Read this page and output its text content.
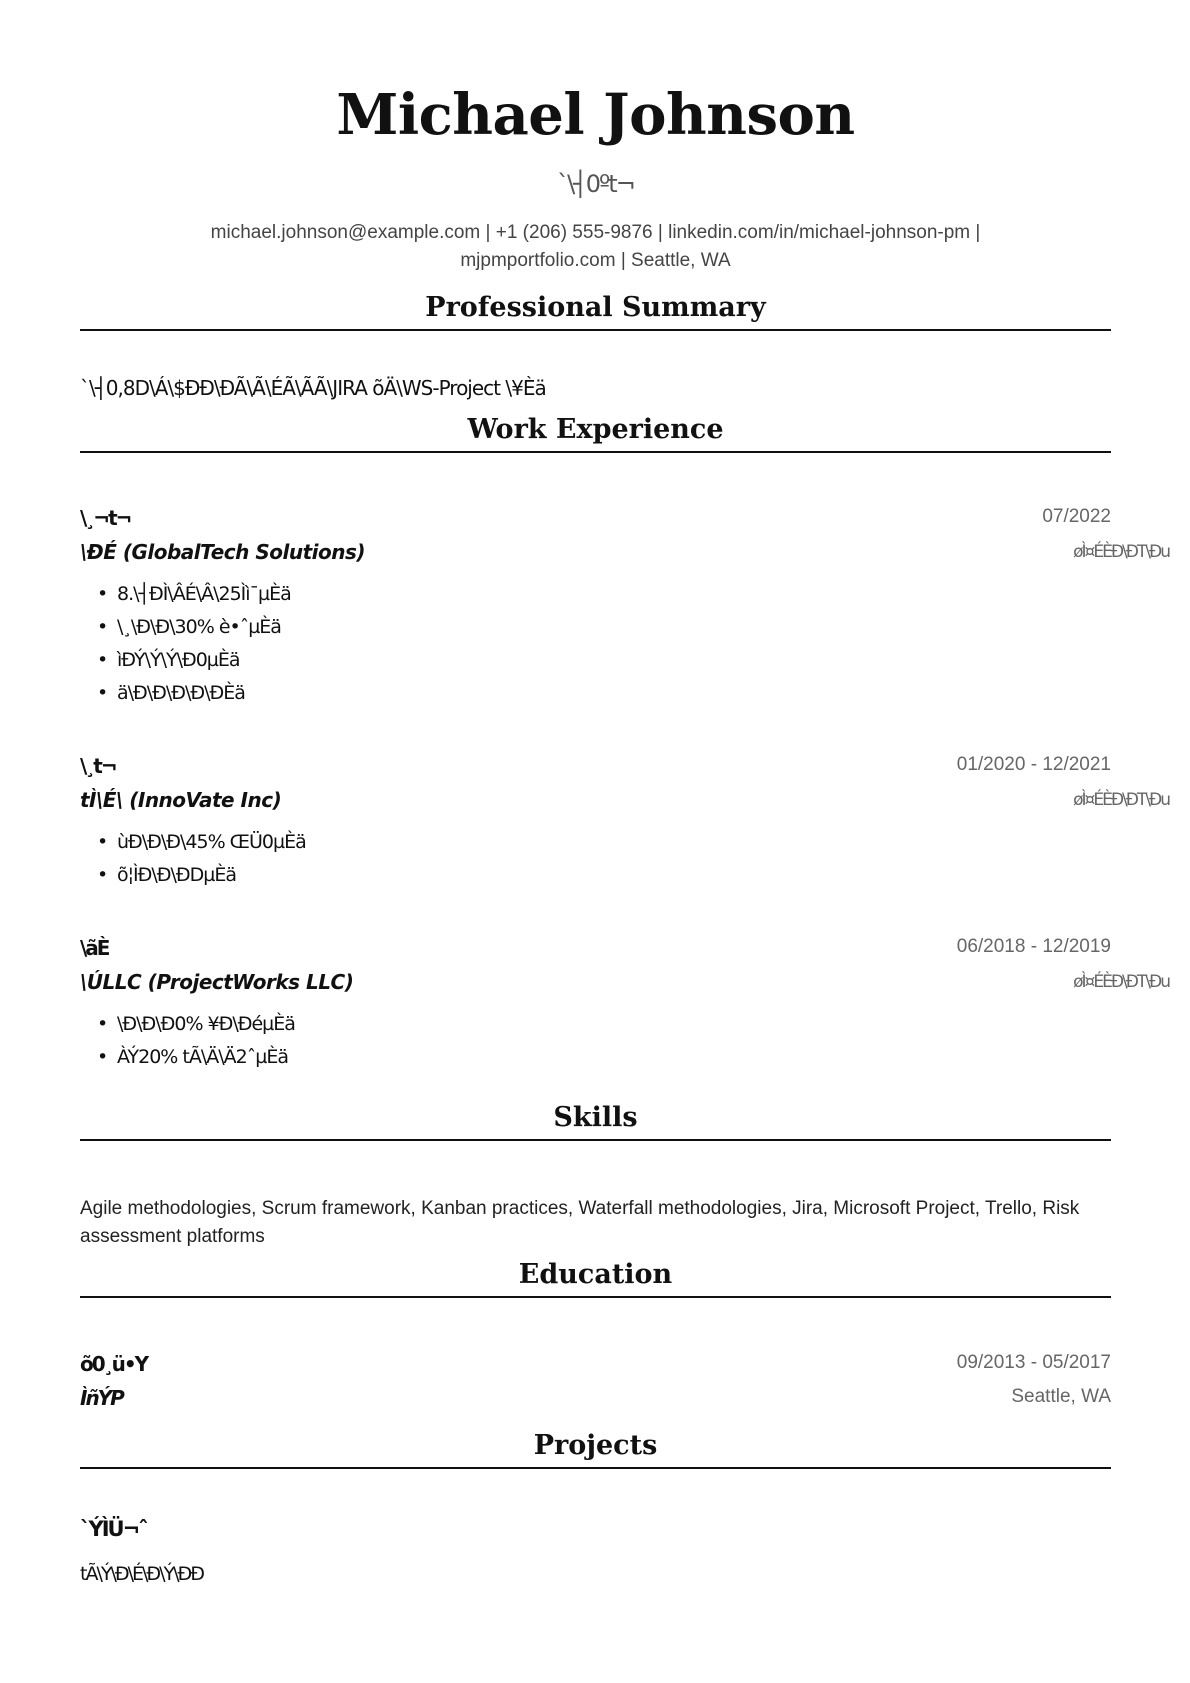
Michael Johnson
`\┤0ºt¬
michael.johnson@example.com | +1 (206) 555-9876 | linkedin.com/in/michael-johnson-pm |
mjpmportfolio.com | Seattle, WA
Professional Summary
`\┤0,8D\Á\$ÐÐ\ÐÃ\Ã\ÉÃ\ÃÃ\JIRA õÄ\WS-Project \¥Èä
Work Experience
\¸¬t¬	07/2022
\ÐÉ (GlobalTech Solutions)	øÌ¤ÉÈÐ\ÐT\Ðu
• 8.\┤ÐÌ\ÂÉ\Â\25Ìì¯µÈä
• \¸\Ð\Ð\30% è•ˆµÈä
• ìÐÝ\Ý\Ý\Ð0µÈä
• ä\Ð\Ð\Ð\Ð\ÐÈä
\¸t¬	01/2020 - 12/2021
tÌ\É\ (InnoVate Inc)	øÌ¤ÉÈÐ\ÐT\Ðu
• ùÐ\Ð\Ð\45% ŒÜ0µÈä
• õ¦ÌÐ\Ð\ÐDµÈä
\ãÈ	06/2018 - 12/2019
\ÚLLC (ProjectWorks LLC)	øÌ¤ÉÈÐ\ÐT\Ðu
• \Ð\Ð\Ð0% ¥Ð\ÐéµÈä
• ÀÝ20% tÃ\Ä\Ä2ˆµÈä
Skills
Agile methodologies, Scrum framework, Kanban practices, Waterfall methodologies, Jira, Microsoft Project, Trello, Risk assessment platforms
Education
õ0¸ü•Y	09/2013 - 05/2017
ÌñÝP	Seattle, WA
Projects
`ÝÌÜ¬ˆ
tÃ\Ý\Ð\É\Ð\Ý\ÐÐ
